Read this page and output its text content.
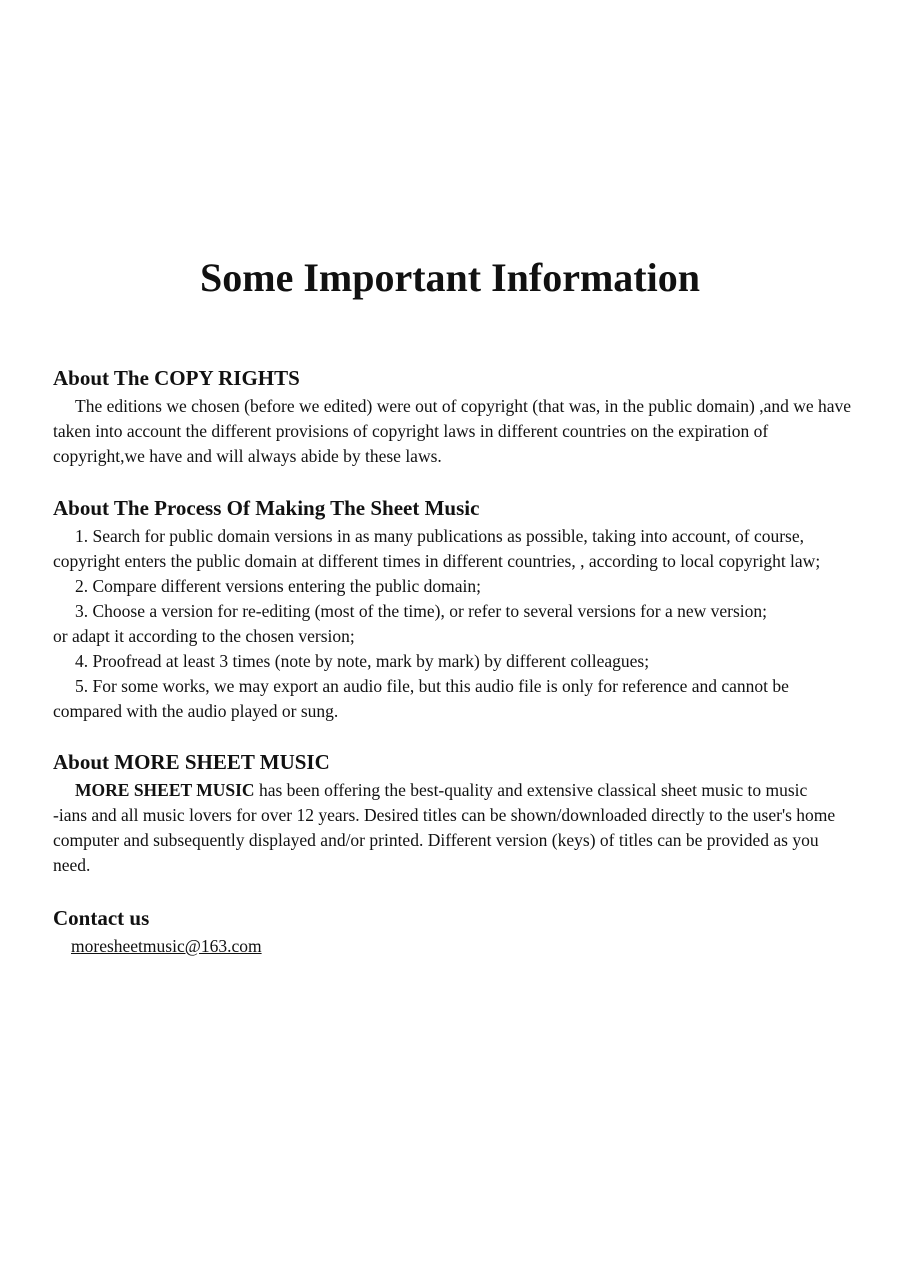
Some Important Information
About The COPY RIGHTS

The editions we chosen (before we edited) were out of copyright (that was, in the public domain) ,and we have taken into account the different provisions of copyright laws in different countries on the expiration of copyright,we have and will always abide by these laws.

About The Process Of Making The Sheet Music
1. Search for public domain versions in as many publications as possible, taking into account, of course,
copyright enters the public domain at different times in different countries, , according to local copyright law;
2. Compare different versions entering the public domain;
3. Choose a version for re-editing (most of the time), or refer to several versions for a new version;
or adapt it according to the chosen version;
4. Proofread at least 3 times (note by note, mark by mark) by different colleagues;
5. For some works, we may export an audio file, but this audio file is only for reference and cannot be
compared with the audio played or sung.
About MORE SHEET MUSIC

MORE SHEET MUSIC has been offering the best-quality and extensive classical sheet music to music

-ians and all music lovers for over 12 years. Desired titles can be shown/downloaded directly to the user's home computer and subsequently displayed and/or printed. Different version (keys) of titles can be provided as you need.

Contact us
moresheetmusic@163.com
